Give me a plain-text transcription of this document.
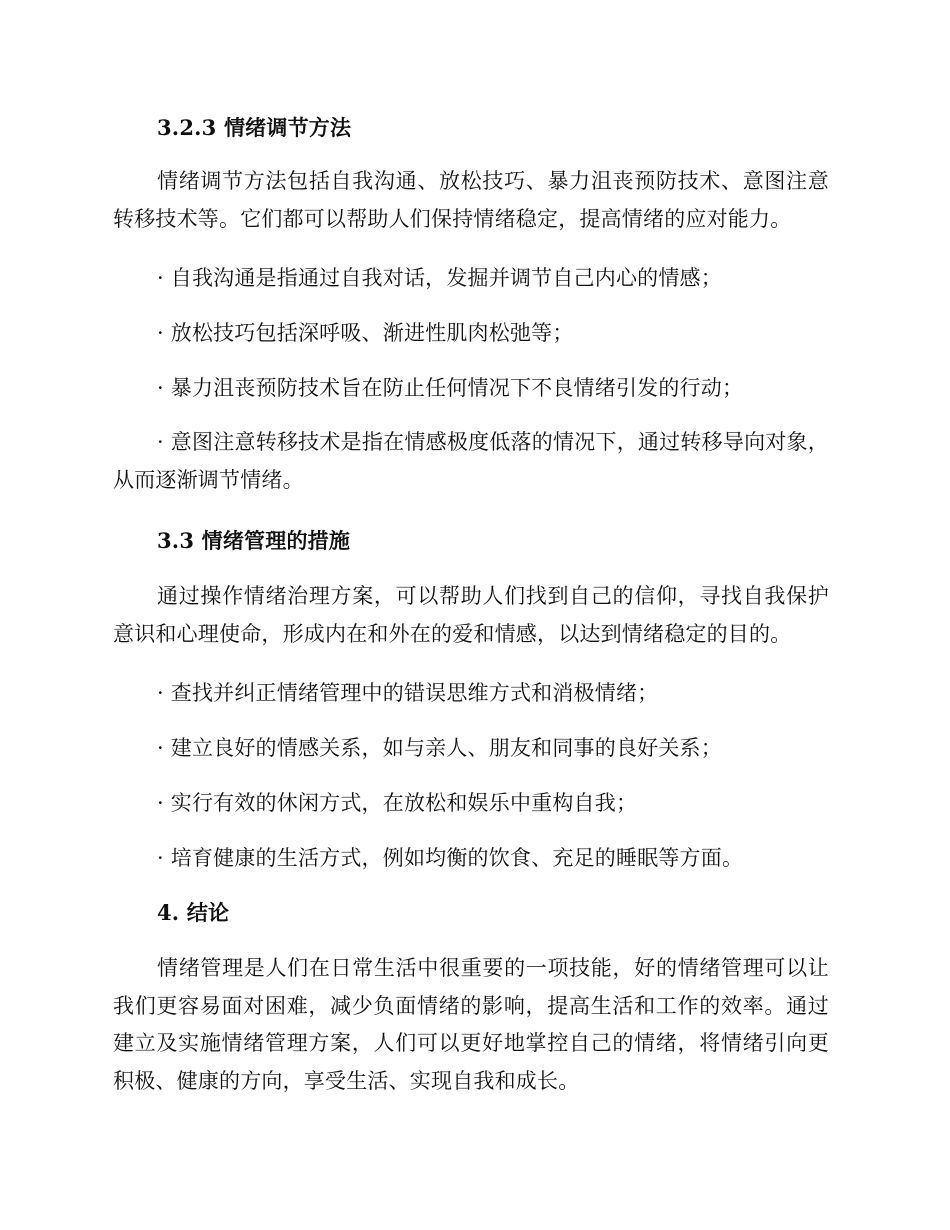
3.2.3 情绪调节方法

情绪调节方法包括自我沟通、放松技巧、暴力沮丧预防技术、意图注意转移技术等。它们都可以帮助人们保持情绪稳定，提高情绪的应对能力。

· 自我沟通是指通过自我对话，发掘并调节自己内心的情感；

· 放松技巧包括深呼吸、渐进性肌肉松弛等；

· 暴力沮丧预防技术旨在防止任何情况下不良情绪引发的行动；

· 意图注意转移技术是指在情感极度低落的情况下，通过转移导向对象，从而逐渐调节情绪。

3.3 情绪管理的措施

通过操作情绪治理方案，可以帮助人们找到自己的信仰，寻找自我保护意识和心理使命，形成内在和外在的爱和情感，以达到情绪稳定的目的。

· 查找并纠正情绪管理中的错误思维方式和消极情绪；

· 建立良好的情感关系，如与亲人、朋友和同事的良好关系；

· 实行有效的休闲方式，在放松和娱乐中重构自我；

· 培育健康的生活方式，例如均衡的饮食、充足的睡眠等方面。

4. 结论

情绪管理是人们在日常生活中很重要的一项技能，好的情绪管理可以让我们更容易面对困难，减少负面情绪的影响，提高生活和工作的效率。通过建立及实施情绪管理方案，人们可以更好地掌控自己的情绪，将情绪引向更积极、健康的方向，享受生活、实现自我和成长。
